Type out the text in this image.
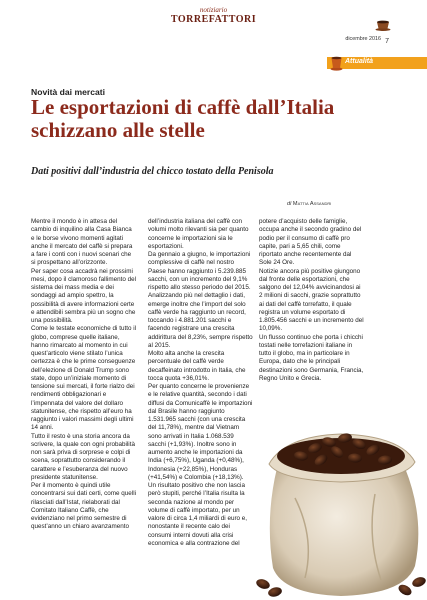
notiziario
TORREFATTORI
dicembre 2016 7
Attualità
Novità dai mercati
Le esportazioni di caffè dall’Italia schizzano alle stelle
Dati positivi dall’industria del chicco tostato della Penisola
di Mattia Assandri

Mentre il mondo è in attesa del cambio di inquilino alla Casa Bianca e le borse vivono momenti agitati anche il mercato del caffè si prepara a fare i conti con i nuovi scenari che si prospettano all’orizzonte.

Per saper cosa accadrà nei prossimi mesi, dopo il clamoroso fallimento del sistema dei mass media e dei sondaggi ad ampio spettro, la possibilità di avere informazioni certe e attendibili sembra più un sogno che una possibilità.

Come le testate economiche di tutto il globo, comprese quelle italiane, hanno rimarcato al momento in cui quest’articolo viene stilato l’unica certezza è che le prime conseguenze dell’elezione di Donald Trump sono state, dopo un’iniziale momento di tensione sui mercati, il forte rialzo dei rendimenti obbligazionari e l’impennata del valore del dollaro statunitense, che rispetto all’euro ha raggiunto i valori massimi degli ultimi 14 anni.

Tutto il resto è una storia ancora da scrivere, la quale con ogni probabilità non sarà priva di sorprese e colpi di scena, soprattutto considerando il carattere e l’esuberanza del nuovo presidente statunitense.

Per il momento è quindi utile concentrarsi sui dati certi, come quelli rilasciati dall’Istat, rielaborati dal Comitato Italiano Caffè, che evidenziano nel primo semestre di quest’anno un chiaro avanzamento

dell’industria italiana del caffè con volumi molto rilevanti sia per quanto concerne le importazioni sia le esportazioni.

Da gennaio a giugno, le importazioni complessive di caffè nel nostro Paese hanno raggiunto i 5.239.885 sacchi, con un incremento del 9,1% rispetto allo stesso periodo del 2015.

Analizzando più nel dettaglio i dati, emerge inoltre che l’import del solo caffè verde ha raggiunto un record, toccando i 4.881.201 sacchi e facendo registrare una crescita addirittura del 8,23%, sempre rispetto al 2015.

Molto alta anche la crescita percentuale del caffè verde decaffeinato introdotto in Italia, che tocca quota +36,01%.

Per quanto concerne le provenienze e le relative quantità, secondo i dati diffusi da Comunicaffè le importazioni dal Brasile hanno raggiunto 1.531.965 sacchi (con una crescita del 11,78%), mentre dal Vietnam sono arrivati in Italia 1.068.539 sacchi (+1,93%). Inoltre sono in aumento anche le importazioni da India (+6,75%), Uganda (+0,48%), Indonesia (+22,85%), Honduras (+41,54%) e Colombia (+18,13%).

Un risultato positivo che non lascia però stupiti, perché l’Italia risulta la seconda nazione al mondo per volume di caffè importato, per un valore di circa 1,4 miliardi di euro e, nonostante il recente calo dei consumi interni dovuti alla crisi economica e alla contrazione del

potere d’acquisto delle famiglie, occupa anche il secondo gradino del podio per il consumo di caffè pro capite, pari a 5,65 chili, come riportato anche recentemente dal Sole 24 Ore.

Notizie ancora più positive giungono dal fronte delle esportazioni, che salgono del 12,04% avvicinandosi ai 2 milioni di sacchi, grazie soprattutto ai dati del caffè torrefatto, il quale registra un volume esportato di 1.805.456 sacchi e un incremento del 10,09%.

Un flusso continuo che porta i chicchi tostati nelle torrefazioni italiane in tutto il globo, ma in particolare in Europa, dato che le principali destinazioni sono Germania, Francia, Regno Unito e Grecia.
